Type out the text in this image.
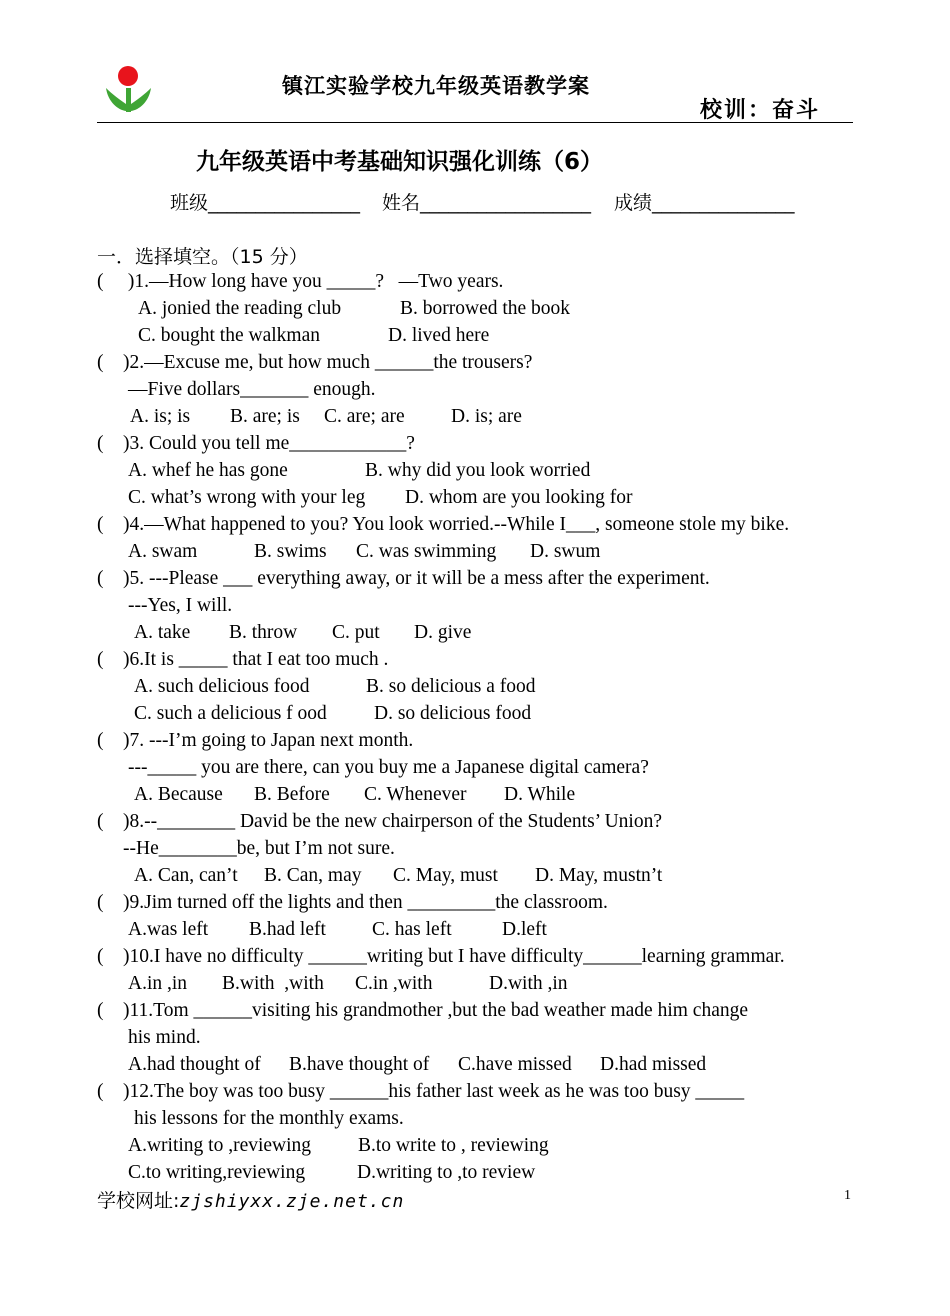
镇江实验学校九年级英语教学案
校训：奋斗
九年级英语中考基础知识强化训练（6）
班级________________ 姓名__________________ 成绩_______________
一．选择填空。（15 分）
(     )1.—How long have you _____?   —Two years.
A. jonied the reading club	B. borrowed the book
C. bought the walkman	D. lived here
(    )2.—Excuse me, but how much ______the trousers?
—Five dollars_______ enough.
A. is; is B. are; is C. are; are D. is; are
(    )3. Could you tell me____________?
A. whef he has gone	B. why did you look worried
C. what’s wrong with your leg D. whom are you looking for
(    )4.—What happened to you? You look worried.--While I___, someone stole my bike.
A. swam	B. swims C. was swimming D. swum
(    )5. ---Please ___ everything away, or it will be a mess after the experiment.
---Yes, I will.
A. take B. throw C. put D. give
(    )6.It is _____ that I eat too much .
A. such delicious food	B. so delicious a food
C. such a delicious f ood D. so delicious food
(    )7. ---I’m going to Japan next month.
---_____ you are there, can you buy me a Japanese digital camera?
A. Because B. Before C. Whenever D. While
(    )8.--________ David be the new chairperson of the Students’ Union?
--He________be, but I’m not sure.
A. Can, can’t B. Can, may C. May, must D. May, mustn’t
(    )9.Jim turned off the lights and then _________the classroom.
A.was left B.had left C. has left	D.left
(    )10.I have no difficulty ______writing but I have difficulty______learning grammar.
A.in ,in B.with  ,with C.in ,with	D.with ,in
(    )11.Tom ______visiting his grandmother ,but the bad weather made him change
his mind.
A.had thought of B.have thought of C.have missed D.had missed
(    )12.The boy was too busy ______his father last week as he was too busy _____
his lessons for the monthly exams.
A.writing to ,reviewing B.to write to , reviewing
C.to writing,reviewing	D.writing to ,to review
学校网址:zjshiyxx.zje.net.cn	1
